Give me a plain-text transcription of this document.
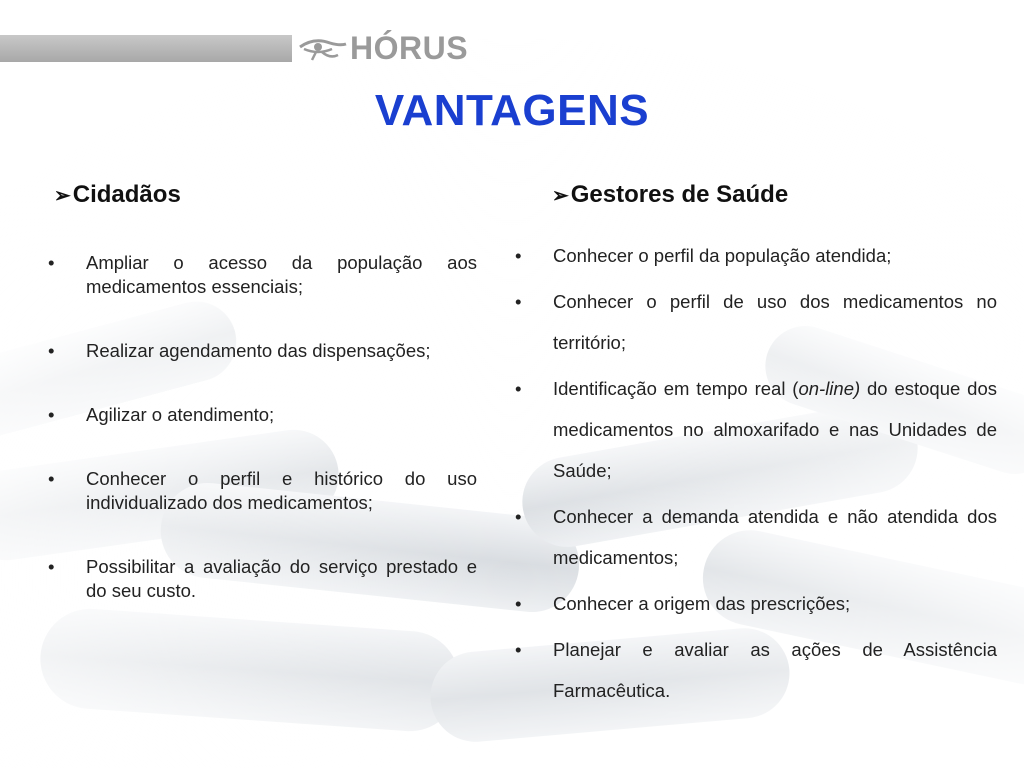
HÓRUS
VANTAGENS
➢ Cidadãos
•	Ampliar o acesso da população aos medicamentos essenciais;
•	Realizar agendamento das dispensações;
•	Agilizar o atendimento;
•	Conhecer o perfil e histórico do uso individualizado dos medicamentos;
•	Possibilitar a avaliação do serviço prestado e do seu custo.
➢ Gestores de Saúde
•	Conhecer o perfil da população atendida;
•	Conhecer o perfil de uso dos medicamentos no território;
•	Identificação em tempo real (on-line) do estoque dos medicamentos no almoxarifado e nas Unidades de Saúde;
•	Conhecer a demanda atendida e não atendida dos medicamentos;
•	Conhecer a origem das prescrições;
•	Planejar e avaliar as ações de Assistência Farmacêutica.
